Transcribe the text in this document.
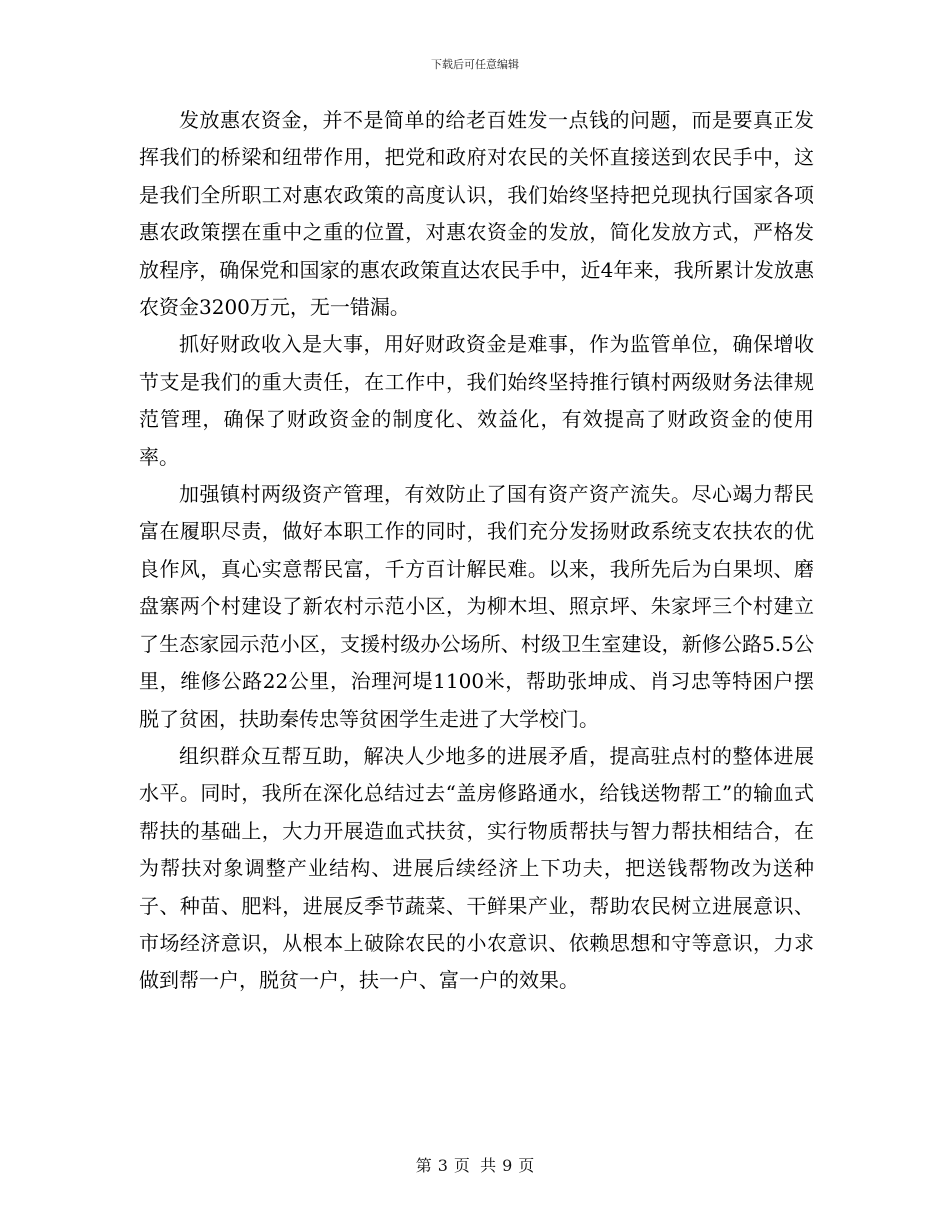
下载后可任意编辑

发放惠农资金，并不是简单的给老百姓发一点钱的问题，而是要真正发挥我们的桥梁和纽带作用，把党和政府对农民的关怀直接送到农民手中，这是我们全所职工对惠农政策的高度认识，我们始终坚持把兑现执行国家各项惠农政策摆在重中之重的位置，对惠农资金的发放，简化发放方式，严格发放程序，确保党和国家的惠农政策直达农民手中，近4年来，我所累计发放惠农资金3200万元，无一错漏。

抓好财政收入是大事，用好财政资金是难事，作为监管单位，确保增收节支是我们的重大责任，在工作中，我们始终坚持推行镇村两级财务法律规范管理，确保了财政资金的制度化、效益化，有效提高了财政资金的使用率。

加强镇村两级资产管理，有效防止了国有资产资产流失。尽心竭力帮民富在履职尽责，做好本职工作的同时，我们充分发扬财政系统支农扶农的优良作风，真心实意帮民富，千方百计解民难。以来，我所先后为白果坝、磨盘寨两个村建设了新农村示范小区，为柳木坦、照京坪、朱家坪三个村建立了生态家园示范小区，支援村级办公场所、村级卫生室建设，新修公路5.5公里，维修公路22公里，治理河堤1100米，帮助张坤成、肖习忠等特困户摆脱了贫困，扶助秦传忠等贫困学生走进了大学校门。

组织群众互帮互助，解决人少地多的进展矛盾，提高驻点村的整体进展水平。同时，我所在深化总结过去“盖房修路通水，给钱送物帮工”的输血式帮扶的基础上，大力开展造血式扶贫，实行物质帮扶与智力帮扶相结合，在为帮扶对象调整产业结构、进展后续经济上下功夫，把送钱帮物改为送种子、种苗、肥料，进展反季节蔬菜、干鲜果产业，帮助农民树立进展意识、市场经济意识，从根本上破除农民的小农意识、依赖思想和守等意识，力求做到帮一户，脱贫一户，扶一户、富一户的效果。

第 3 页  共 9 页
